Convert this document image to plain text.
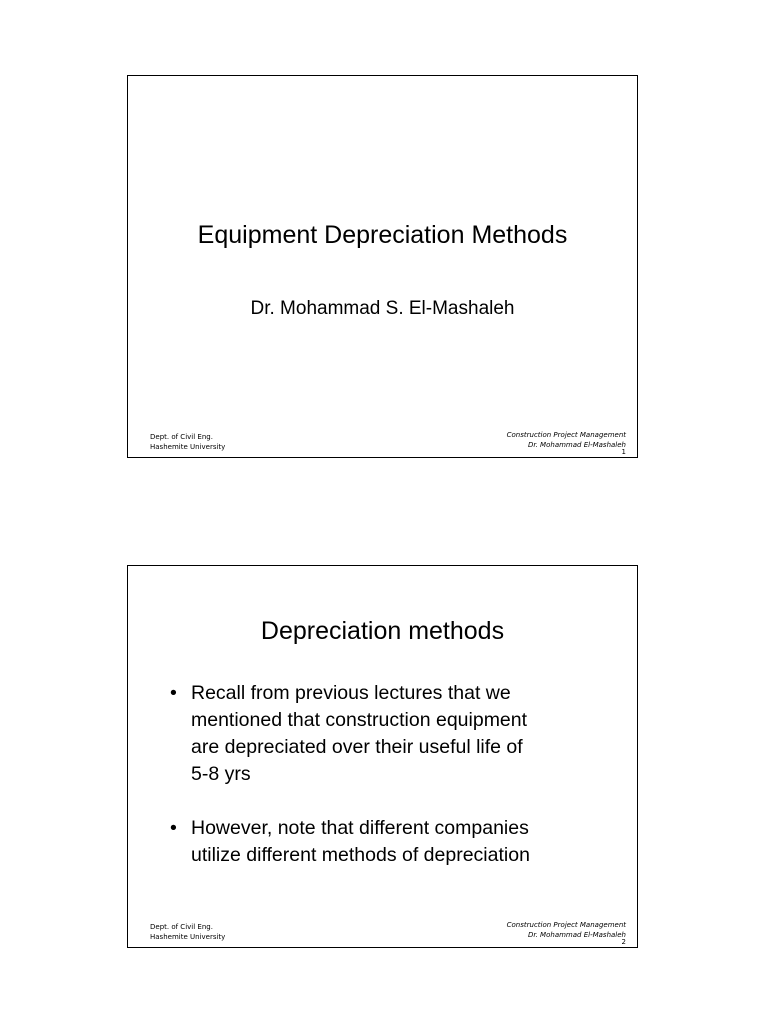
Equipment Depreciation Methods
Dr. Mohammad S. El-Mashaleh
Dept. of Civil Eng.
Hashemite University
Construction Project Management
Dr. Mohammad El-Mashaleh
1
Depreciation methods
• Recall from previous lectures that we
mentioned that construction equipment
are depreciated over their useful life of
5-8 yrs
• However, note that different companies
utilize different methods of depreciation
Dept. of Civil Eng.
Hashemite University
Construction Project Management
Dr. Mohammad El-Mashaleh
2
